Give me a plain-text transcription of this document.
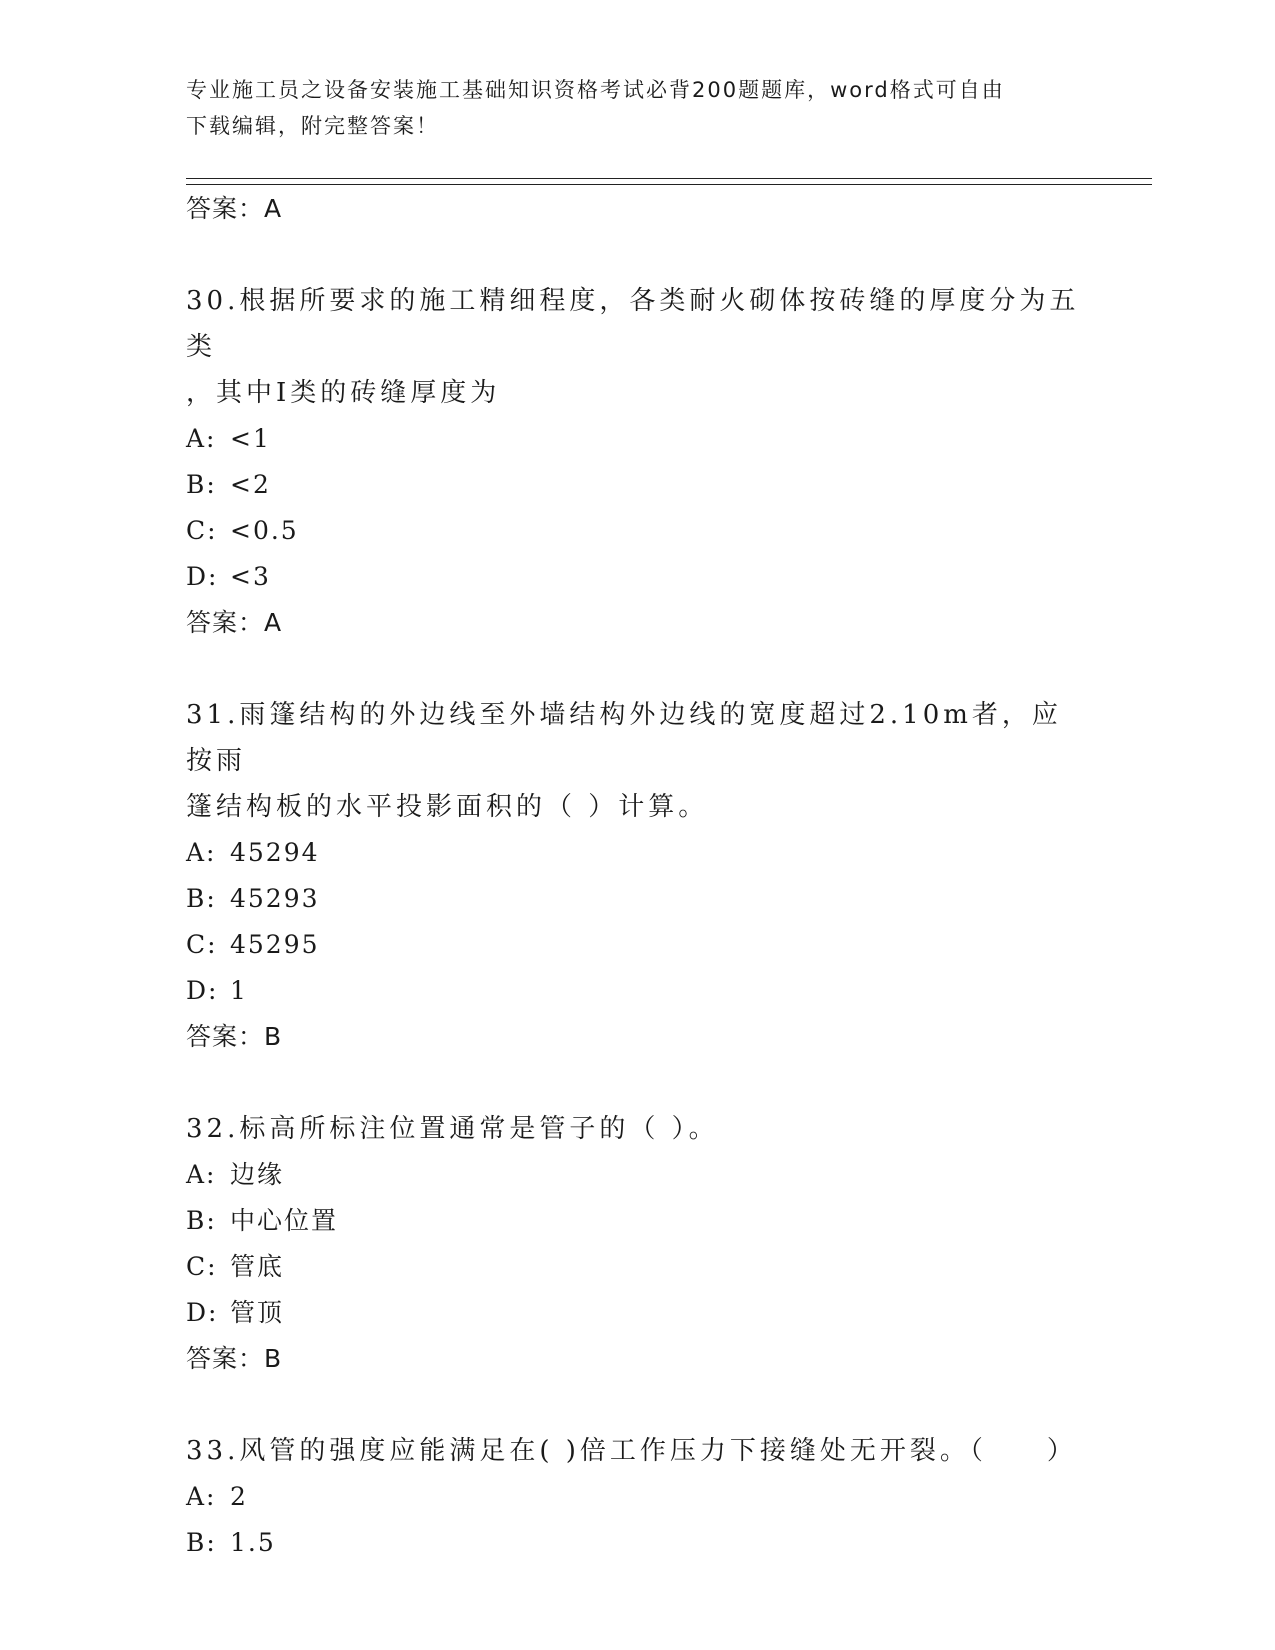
专业施工员之设备安装施工基础知识资格考试必背200题题库，word格式可自由
下载编辑，附完整答案！
答案：A
30.根据所要求的施工精细程度，各类耐火砌体按砖缝的厚度分为五类
，其中Ⅰ类的砖缝厚度为
A: <1
B: <2
C: <0.5
D: <3
答案：A
31.雨篷结构的外边线至外墙结构外边线的宽度超过2.10m者，应按雨
篷结构板的水平投影面积的（ ）计算。
A: 45294
B: 45293
C: 45295
D: 1
答案：B
32.标高所标注位置通常是管子的（ ）。
A: 边缘
B: 中心位置
C: 管底
D: 管顶
答案：B
33.风管的强度应能满足在( )倍工作压力下接缝处无开裂。（　　）
A: 2
B: 1.5
